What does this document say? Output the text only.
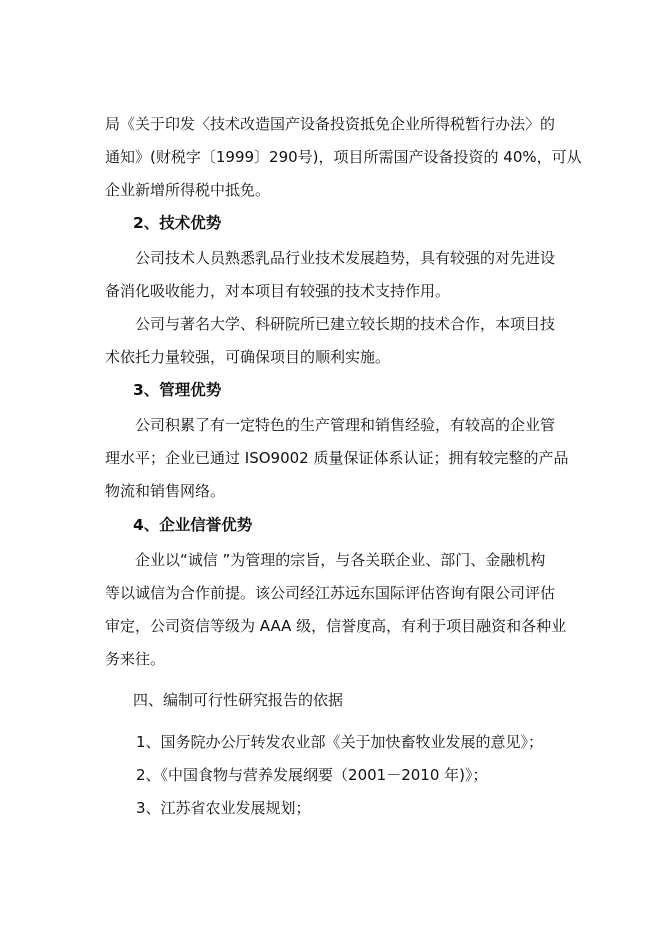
局《关于印发〈技术改造国产设备投资抵免企业所得税暂行办法〉的
通知》(财税字〔1999〕290号)，项目所需国产设备投资的 40%，可从
企业新增所得税中抵免。
2、技术优势
公司技术人员熟悉乳品行业技术发展趋势，具有较强的对先进设
备消化吸收能力，对本项目有较强的技术支持作用。
公司与著名大学、科研院所已建立较长期的技术合作，本项目技
术依托力量较强，可确保项目的顺利实施。
3、管理优势
公司积累了有一定特色的生产管理和销售经验，有较高的企业管
理水平；企业已通过 ISO9002 质量保证体系认证；拥有较完整的产品
物流和销售网络。
4、企业信誉优势
企业以“诚信 ”为管理的宗旨，与各关联企业、部门、金融机构
等以诚信为合作前提。该公司经江苏远东国际评估咨询有限公司评估
审定，公司资信等级为 AAA 级，信誉度高，有利于项目融资和各种业
务来往。
四、编制可行性研究报告的依据
1、国务院办公厅转发农业部《关于加快畜牧业发展的意见》；
2、《中国食物与营养发展纲要（2001－2010 年)》；
3、江苏省农业发展规划；
